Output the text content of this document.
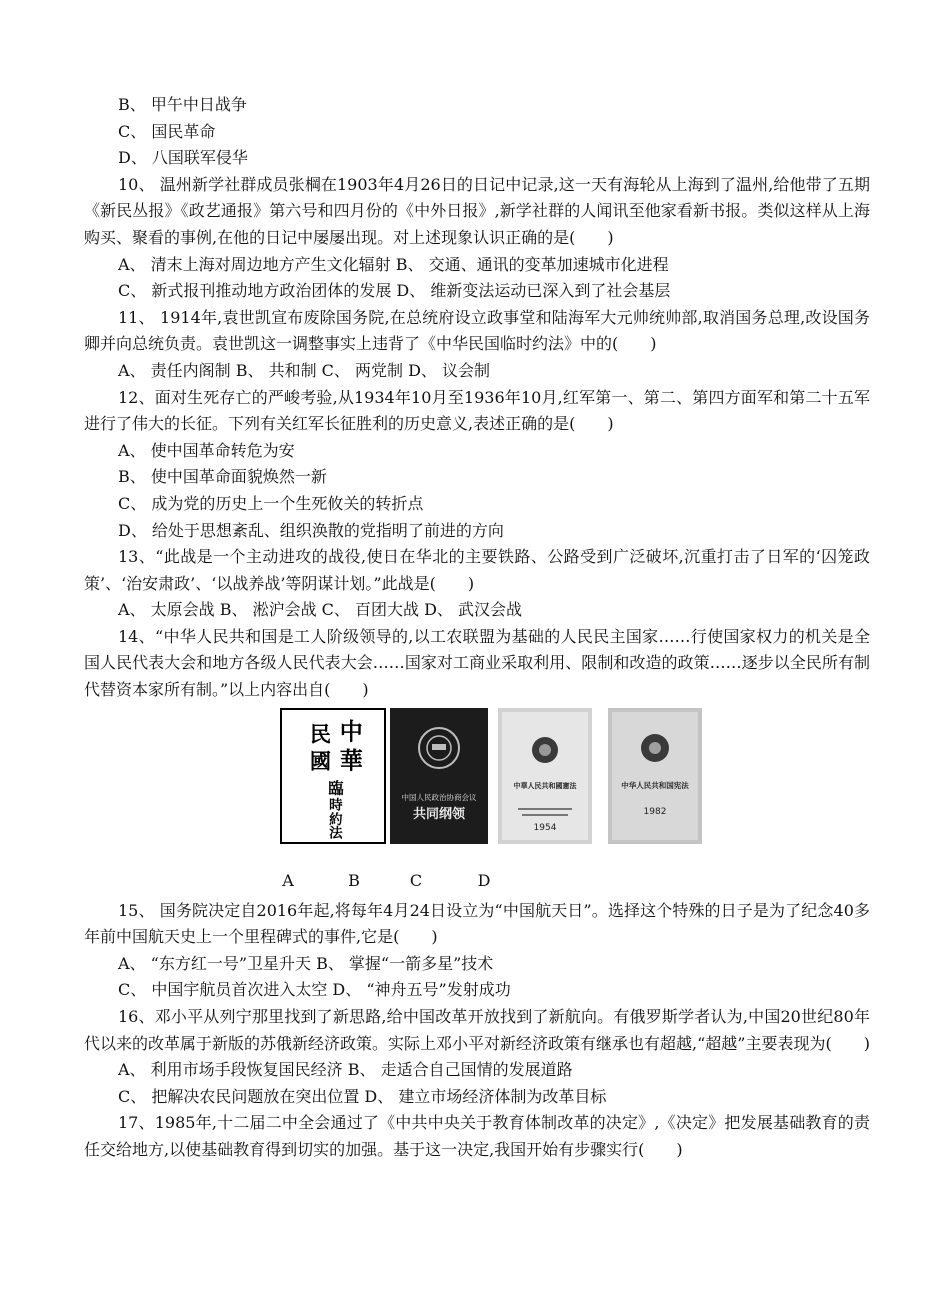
B、 甲午中日战争

C、 国民革命

D、 八国联军侵华

10、 温州新学社群成员张棡在1903年4月26日的日记中记录,这一天有海轮从上海到了温州,给他带了五期《新民丛报》《政艺通报》第六号和四月份的《中外日报》,新学社群的人闻讯至他家看新书报。类似这样从上海购买、聚看的事例,在他的日记中屡屡出现。对上述现象认识正确的是(　　)

A、 清末上海对周边地方产生文化辐射 B、 交通、通讯的变革加速城市化进程

C、 新式报刊推动地方政治团体的发展 D、 维新变法运动已深入到了社会基层

11、 1914年,袁世凯宣布废除国务院,在总统府设立政事堂和陆海军大元帅统帅部,取消国务总理,改设国务卿并向总统负责。袁世凯这一调整事实上违背了《中华民国临时约法》中的(　　)

A、 责任内阁制 B、 共和制 C、 两党制 D、 议会制

12、面对生死存亡的严峻考验,从1934年10月至1936年10月,红军第一、第二、第四方面军和第二十五军进行了伟大的长征。下列有关红军长征胜利的历史意义,表述正确的是(　　)

A、 使中国革命转危为安

B、 使中国革命面貌焕然一新

C、 成为党的历史上一个生死攸关的转折点

D、 给处于思想紊乱、组织涣散的党指明了前进的方向

13、“此战是一个主动进攻的战役,使日在华北的主要铁路、公路受到广泛破坏,沉重打击了日军的‘囚笼政策’、‘治安肃政’、‘以战养战’等阴谋计划。”此战是(　　)

A、 太原会战 B、 淞沪会战 C、 百团大战 D、 武汉会战

14、“中华人民共和国是工人阶级领导的,以工农联盟为基础的人民民主国家……行使国家权力的机关是全国人民代表大会和地方各级人民代表大会……国家对工商业采取利用、限制和改造的政策……逐步以全民所有制代替资本家所有制。”以上内容出自(　　)

中
華
民
國
臨
時
約
法
中国人民政治协商会议
共同纲领
中華人民共和國憲法
1954
中华人民共和国宪法
1982
A	B	C	D

15、 国务院决定自2016年起,将每年4月24日设立为“中国航天日”。选择这个特殊的日子是为了纪念40多年前中国航天史上一个里程碑式的事件,它是(　　)

A、 “东方红一号”卫星升天 B、 掌握“一箭多星”技术

C、 中国宇航员首次进入太空 D、 “神舟五号”发射成功

16、邓小平从列宁那里找到了新思路,给中国改革开放找到了新航向。有俄罗斯学者认为,中国20世纪80年代以来的改革属于新版的苏俄新经济政策。实际上邓小平对新经济政策有继承也有超越,“超越”主要表现为(　　)

A、 利用市场手段恢复国民经济 B、 走适合自己国情的发展道路

C、 把解决农民问题放在突出位置 D、 建立市场经济体制为改革目标

17、1985年,十二届二中全会通过了《中共中央关于教育体制改革的决定》,《决定》把发展基础教育的责任交给地方,以使基础教育得到切实的加强。基于这一决定,我国开始有步骤实行(　　)
